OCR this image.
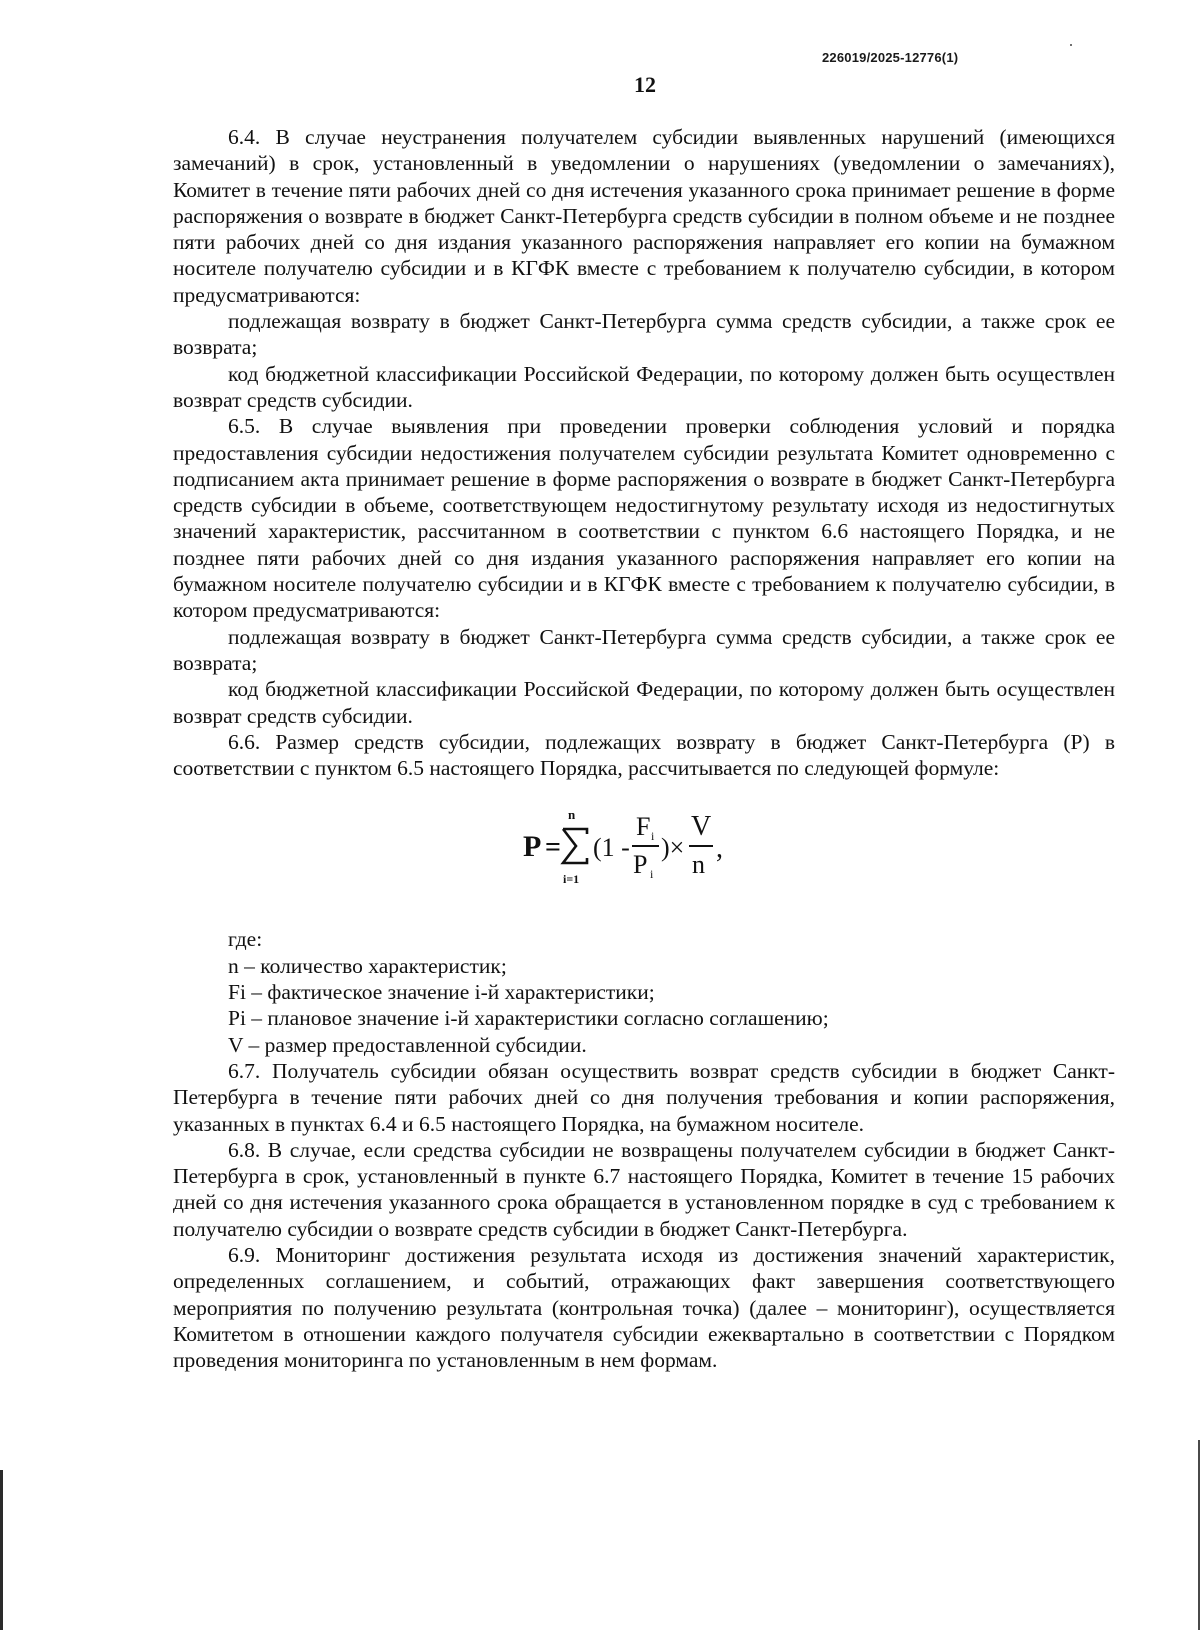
226019/2025-12776(1)
12

6.4. В случае неустранения получателем субсидии выявленных нарушений (имеющихся замечаний) в срок, установленный в уведомлении о нарушениях (уведомлении о замечаниях), Комитет в течение пяти рабочих дней со дня истечения указанного срока принимает решение в форме распоряжения о возврате в бюджет Санкт-Петербурга средств субсидии в полном объеме и не позднее пяти рабочих дней со дня издания указанного распоряжения направляет его копии на бумажном носителе получателю субсидии и в КГФК вместе с требованием к получателю субсидии, в котором предусматриваются:

подлежащая возврату в бюджет Санкт-Петербурга сумма средств субсидии, а также срок ее возврата;

код бюджетной классификации Российской Федерации, по которому должен быть осуществлен возврат средств субсидии.

6.5. В случае выявления при проведении проверки соблюдения условий и порядка предоставления субсидии недостижения получателем субсидии результата Комитет одновременно с подписанием акта принимает решение в форме распоряжения о возврате в бюджет Санкт-Петербурга средств субсидии в объеме, соответствующем недостигнутому результату исходя из недостигнутых значений характеристик, рассчитанном в соответствии с пунктом 6.6 настоящего Порядка, и не позднее пяти рабочих дней со дня издания указанного распоряжения направляет его копии на бумажном носителе получателю субсидии и в КГФК вместе с требованием к получателю субсидии, в котором предусматриваются:

подлежащая возврату в бюджет Санкт-Петербурга сумма средств субсидии, а также срок ее возврата;

код бюджетной классификации Российской Федерации, по которому должен быть осуществлен возврат средств субсидии.

6.6. Размер средств субсидии, подлежащих возврату в бюджет Санкт-Петербурга (Р) в соответствии с пунктом 6.5 настоящего Порядка, рассчитывается по следующей формуле:

P =
n
i=1
(1 -
F i
P i
)×
V
n
,

где:

n – количество характеристик;

Fi – фактическое значение i-й характеристики;

Pi – плановое значение i-й характеристики согласно соглашению;

V – размер предоставленной субсидии.

6.7. Получатель субсидии обязан осуществить возврат средств субсидии в бюджет Санкт-Петербурга в течение пяти рабочих дней со дня получения требования и копии распоряжения, указанных в пунктах 6.4 и 6.5 настоящего Порядка, на бумажном носителе.

6.8. В случае, если средства субсидии не возвращены получателем субсидии в бюджет Санкт-Петербурга в срок, установленный в пункте 6.7 настоящего Порядка, Комитет в течение 15 рабочих дней со дня истечения указанного срока обращается в установленном порядке в суд с требованием к получателю субсидии о возврате средств субсидии в бюджет Санкт-Петербурга.

6.9. Мониторинг достижения результата исходя из достижения значений характеристик, определенных соглашением, и событий, отражающих факт завершения соответствующего мероприятия по получению результата (контрольная точка) (далее – мониторинг), осуществляется Комитетом в отношении каждого получателя субсидии ежеквартально в соответствии с Порядком проведения мониторинга по установленным в нем формам.
